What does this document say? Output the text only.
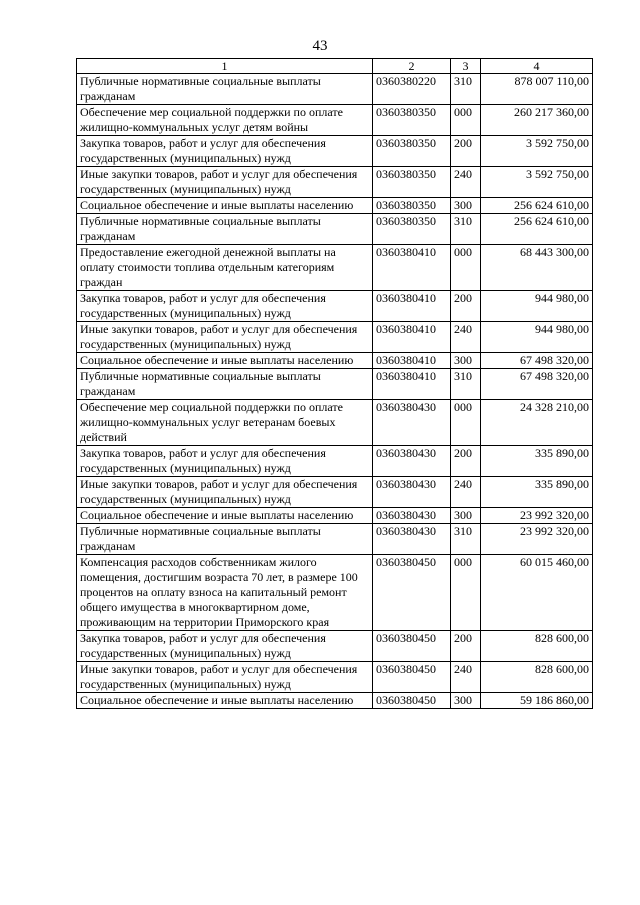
43
1	2	3	4
Публичные нормативные социальные выплаты гражданам	0360380220	310	878 007 110,00
Обеспечение мер социальной поддержки по оплате жилищно-коммунальных услуг детям войны	0360380350	000	260 217 360,00
Закупка товаров, работ и услуг для обеспечения государственных (муниципальных) нужд	0360380350	200	3 592 750,00
Иные закупки товаров, работ и услуг для обеспечения государственных (муниципальных) нужд	0360380350	240	3 592 750,00
Социальное обеспечение и иные выплаты населению	0360380350	300	256 624 610,00
Публичные нормативные социальные выплаты гражданам	0360380350	310	256 624 610,00
Предоставление ежегодной денежной выплаты на оплату стоимости топлива отдельным категориям граждан	0360380410	000	68 443 300,00
Закупка товаров, работ и услуг для обеспечения государственных (муниципальных) нужд	0360380410	200	944 980,00
Иные закупки товаров, работ и услуг для обеспечения государственных (муниципальных) нужд	0360380410	240	944 980,00
Социальное обеспечение и иные выплаты населению	0360380410	300	67 498 320,00
Публичные нормативные социальные выплаты гражданам	0360380410	310	67 498 320,00
Обеспечение мер социальной поддержки по оплате жилищно-коммунальных услуг ветеранам боевых действий	0360380430	000	24 328 210,00
Закупка товаров, работ и услуг для обеспечения государственных (муниципальных) нужд	0360380430	200	335 890,00
Иные закупки товаров, работ и услуг для обеспечения государственных (муниципальных) нужд	0360380430	240	335 890,00
Социальное обеспечение и иные выплаты населению	0360380430	300	23 992 320,00
Публичные нормативные социальные выплаты гражданам	0360380430	310	23 992 320,00
Компенсация расходов собственникам жилого помещения, достигшим возраста 70 лет, в размере 100 процентов на оплату взноса на капитальный ремонт общего имущества в многоквартирном доме, проживающим на территории Приморского края	0360380450	000	60 015 460,00
Закупка товаров, работ и услуг для обеспечения государственных (муниципальных) нужд	0360380450	200	828 600,00
Иные закупки товаров, работ и услуг для обеспечения государственных (муниципальных) нужд	0360380450	240	828 600,00
Социальное обеспечение и иные выплаты населению	0360380450	300	59 186 860,00
